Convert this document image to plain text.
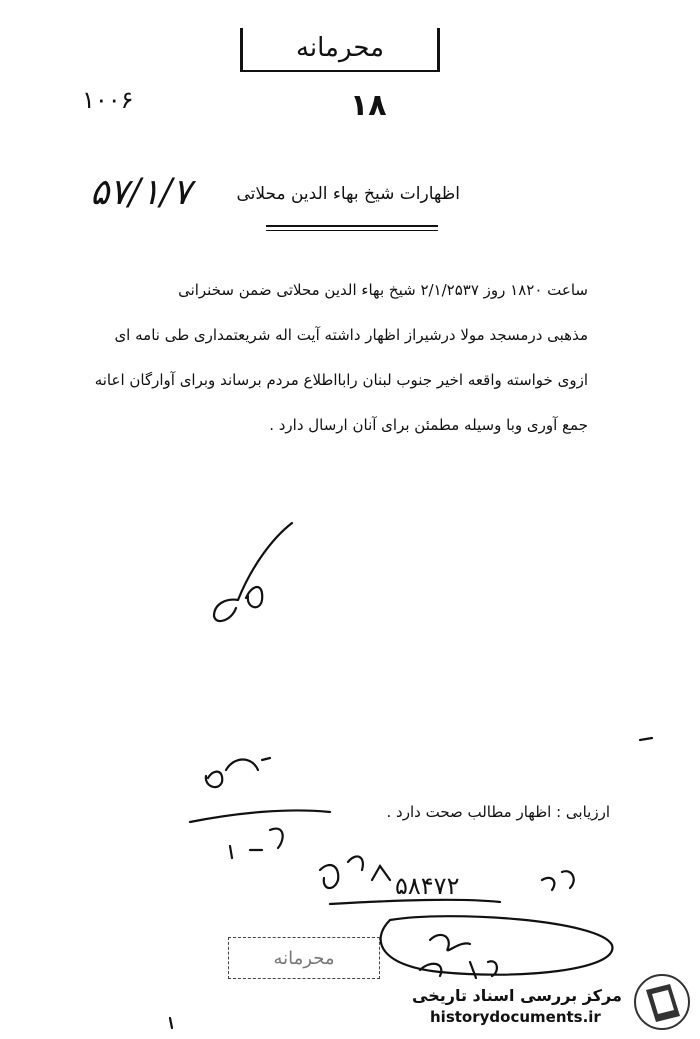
محرمانه
۱۸
۱۰۰۶
۵۷/۱/۷	اظهارات شیخ بهاء الدین محلاتی
ساعت ۱۸۲۰ روز ۲/۱/۲۵۳۷ شیخ بهاء الدین محلاتی ضمن سخنرانی
مذهبی درمسجد مولا درشیراز اظهار داشته آیت اله شریعتمداری طی نامه ای
ازوی خواسته واقعه اخیر جنوب لبنان رابااطلاع مردم برساند وبرای آوارگان اعانه
جمع آوری وبا وسیله مطمئن برای آنان ارسال دارد .
ارزیابی : اظهار مطالب صحت دارد .
۵۸۴۷۲
محرمانه
مرکز بررسی اسناد تاریخی
historydocuments.ir
